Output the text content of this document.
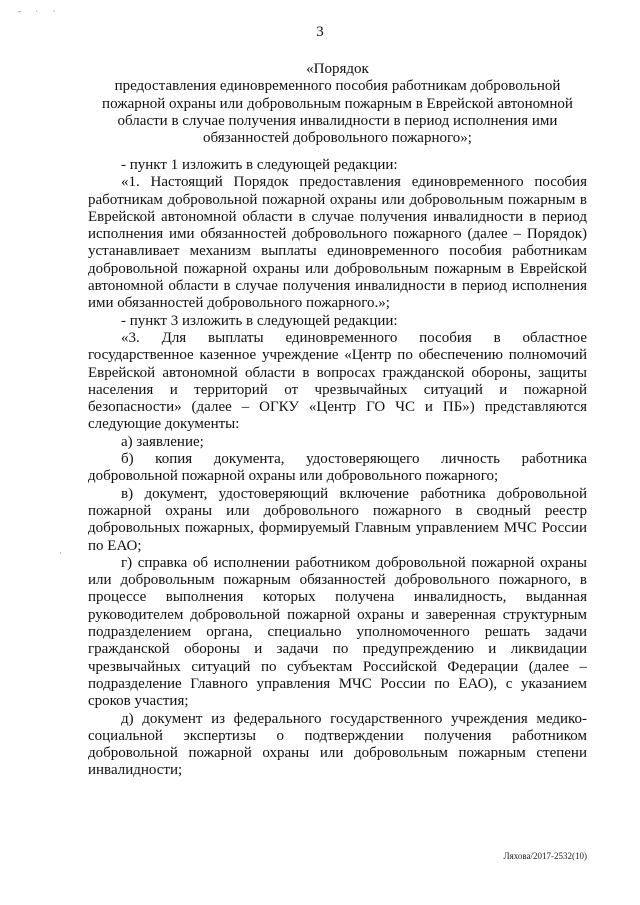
- · ·
3
·
«Порядок
предоставления единовременного пособия работникам добровольной
пожарной охраны или добровольным пожарным в Еврейской автономной
области в случае получения инвалидности в период исполнения ими
обязанностей добровольного пожарного»;
- пункт 1 изложить в следующей редакции:
«1. Настоящий Порядок предоставления единовременного пособия
работникам добровольной пожарной охраны или добровольным пожарным в
Еврейской автономной области в случае получения инвалидности в период
исполнения ими обязанностей добровольного пожарного (далее – Порядок)
устанавливает механизм выплаты единовременного пособия работникам
добровольной пожарной охраны или добровольным пожарным в Еврейской
автономной области в случае получения инвалидности в период исполнения
ими обязанностей добровольного пожарного.»;
- пункт 3 изложить в следующей редакции:
«3. Для выплаты единовременного пособия в областное
государственное казенное учреждение «Центр по обеспечению полномочий
Еврейской автономной области в вопросах гражданской обороны, защиты
населения и территорий от чрезвычайных ситуаций и пожарной
безопасности» (далее – ОГКУ «Центр ГО ЧС и ПБ») представляются
следующие документы:
а) заявление;
б) копия документа, удостоверяющего личность работника
добровольной пожарной охраны или добровольного пожарного;
в) документ, удостоверяющий включение работника добровольной
пожарной охраны или добровольного пожарного в сводный реестр
добровольных пожарных, формируемый Главным управлением МЧС России
по ЕАО;
г) справка об исполнении работником добровольной пожарной охраны
или добровольным пожарным обязанностей добровольного пожарного, в
процессе выполнения которых получена инвалидность, выданная
руководителем добровольной пожарной охраны и заверенная структурным
подразделением органа, специально уполномоченного решать задачи
гражданской обороны и задачи по предупреждению и ликвидации
чрезвычайных ситуаций по субъектам Российской Федерации (далее –
подразделение Главного управления МЧС России по ЕАО), с указанием
сроков участия;
д) документ из федерального государственного учреждения медико-
социальной экспертизы о подтверждении получения работником
добровольной пожарной охраны или добровольным пожарным степени
инвалидности;
Ляхова/2017-2532(10)
